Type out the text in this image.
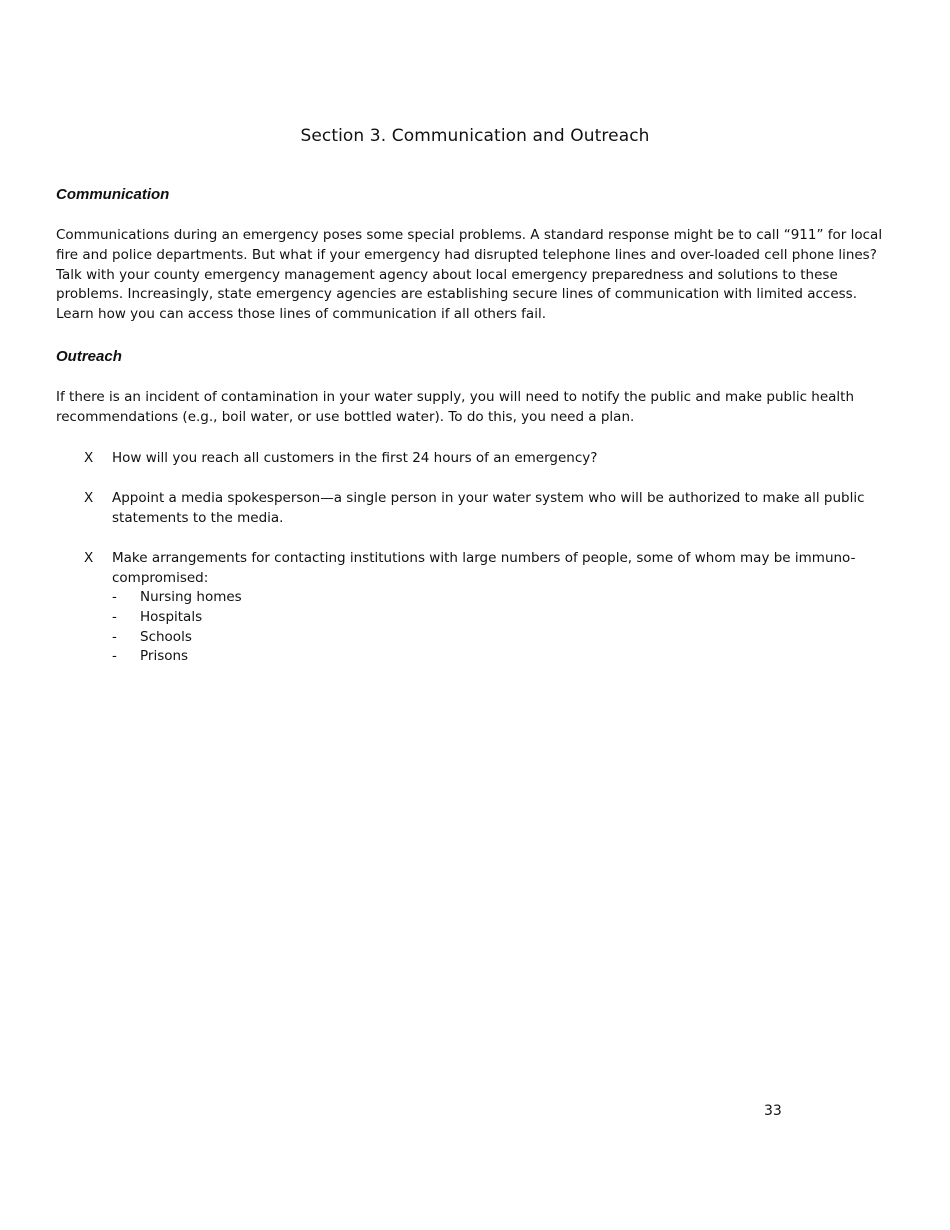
Section 3. Communication and Outreach
Communication
Communications during an emergency poses some special problems. A standard response might be to call “911” for local fire and police departments. But what if your emergency had disrupted telephone lines and over-loaded cell phone lines? Talk with your county emergency management agency about local emergency preparedness and solutions to these problems. Increasingly, state emergency agencies are establishing secure lines of communication with limited access. Learn how you can access those lines of communication if all others fail.
Outreach
If there is an incident of contamination in your water supply, you will need to notify the public and make public health recommendations (e.g., boil water, or use bottled water). To do this, you need a plan.
X How will you reach all customers in the first 24 hours of an emergency?
X Appoint a media spokesperson—a single person in your water system who will be authorized to make all public statements to the media.
X Make arrangements for contacting institutions with large numbers of people, some of whom may be immuno-compromised:
- Nursing homes
- Hospitals
- Schools
- Prisons
33
